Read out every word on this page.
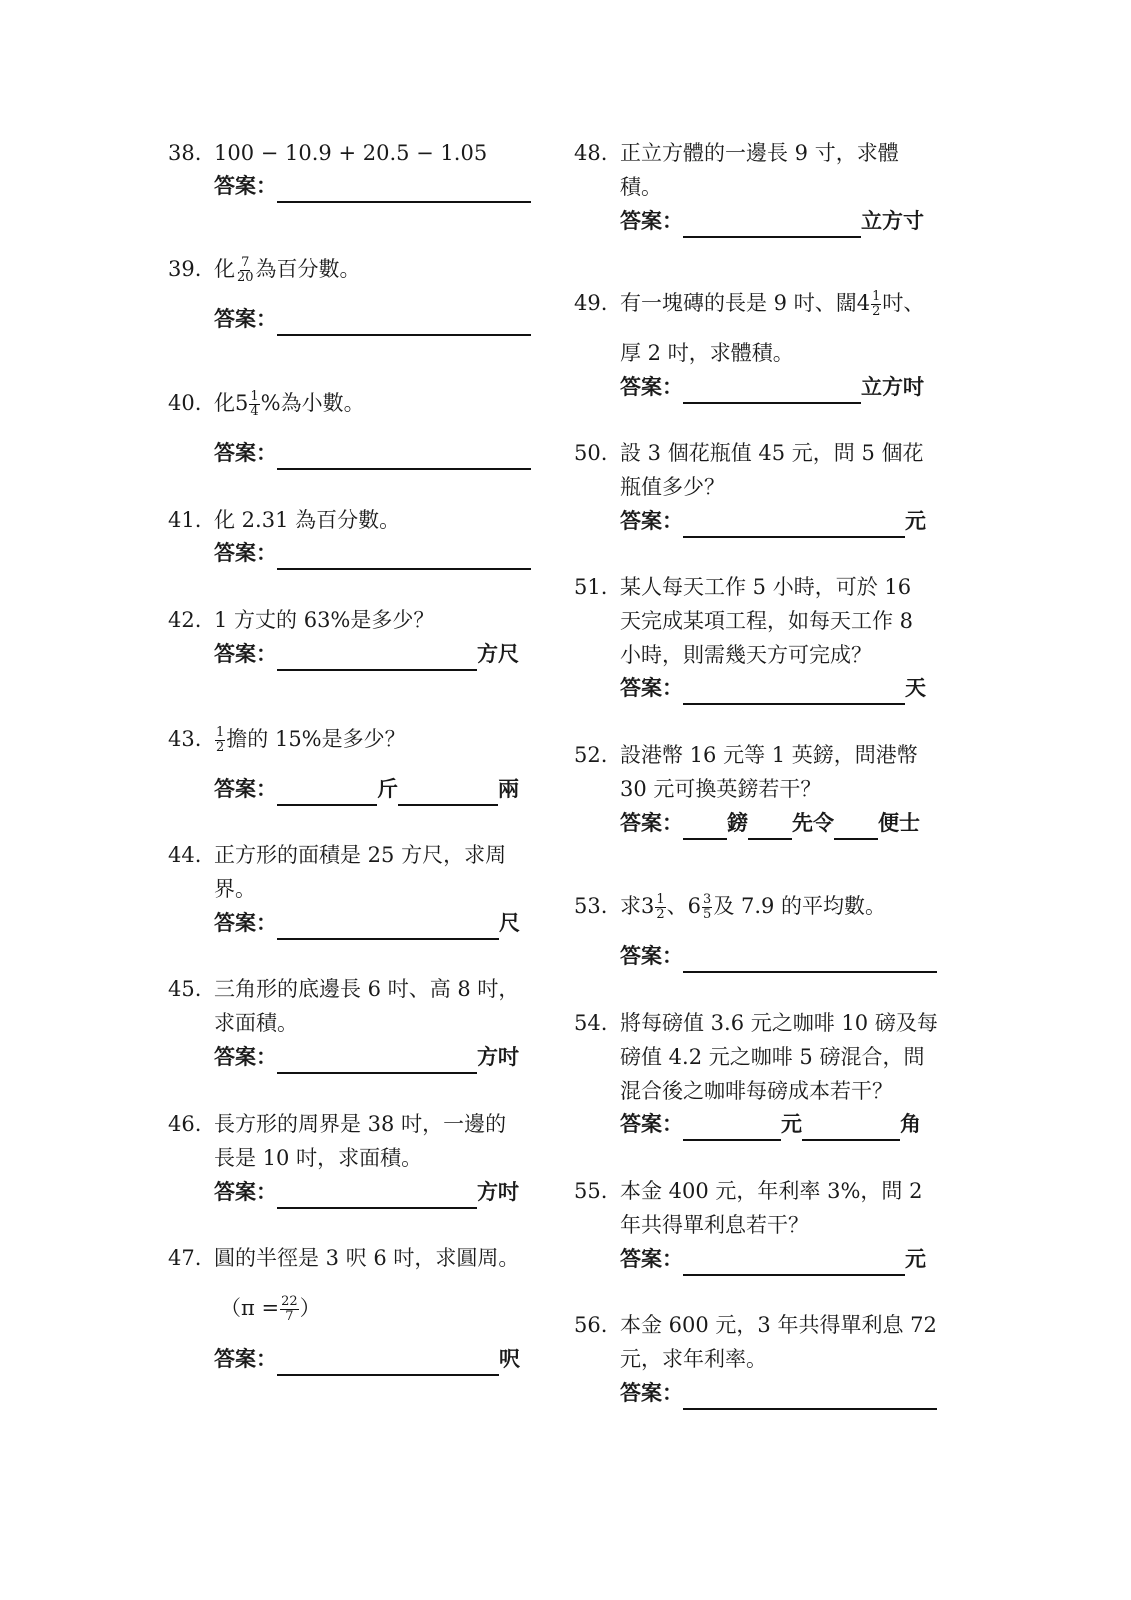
38. 100 − 10.9 + 20.5 − 1.05
答案：
39. 化 $\frac{7}{20}$ 為百分數。
答案：
40. 化$5 \frac{1}{4}$ %為小數。
答案：
41. 化 2.31 為百分數。
答案：
42. 1 方丈的 63%是多少？
答案：	方尺
43. $\frac{1}{2}$ 擔的 15%是多少？
答案：	斤	兩
44. 正方形的面積是 25 方尺，求周
界。
答案：	尺
45. 三角形的底邊長 6 吋、高 8 吋，
求面積。
答案：	方吋
46. 長方形的周界是 38 吋，一邊的
長是 10 吋，求面積。
答案：	方吋
47. 圓的半徑是 3 呎 6 吋，求圓周。
（$\pi = \frac{22}{7}$ ）
答案：	呎
48. 正立方體的一邊長 9 寸，求體
積。
答案：	立方寸
49. 有一塊磚的長是 9 吋、闊$4 \frac{1}{2}$ 吋、
厚 2 吋，求體積。
答案：	立方吋
50. 設 3 個花瓶值 45 元，問 5 個花
瓶值多少？
答案：	元
51. 某人每天工作 5 小時，可於 16
天完成某項工程，如每天工作 8
小時，則需幾天方可完成？
答案：	天
52. 設港幣 16 元等 1 英鎊，問港幣
30 元可換英鎊若干？
答案： 鎊 先令 便士
53. 求$3 \frac{1}{2}$ 、$6 \frac{3}{5}$ 及 7.9 的平均數。
答案：
54. 將每磅值 3.6 元之咖啡 10 磅及每
磅值 4.2 元之咖啡 5 磅混合，問
混合後之咖啡每磅成本若干？
答案：	元	角
55. 本金 400 元，年利率 3%，問 2
年共得單利息若干？
答案：	元
56. 本金 600 元，3 年共得單利息 72
元，求年利率。
答案：
